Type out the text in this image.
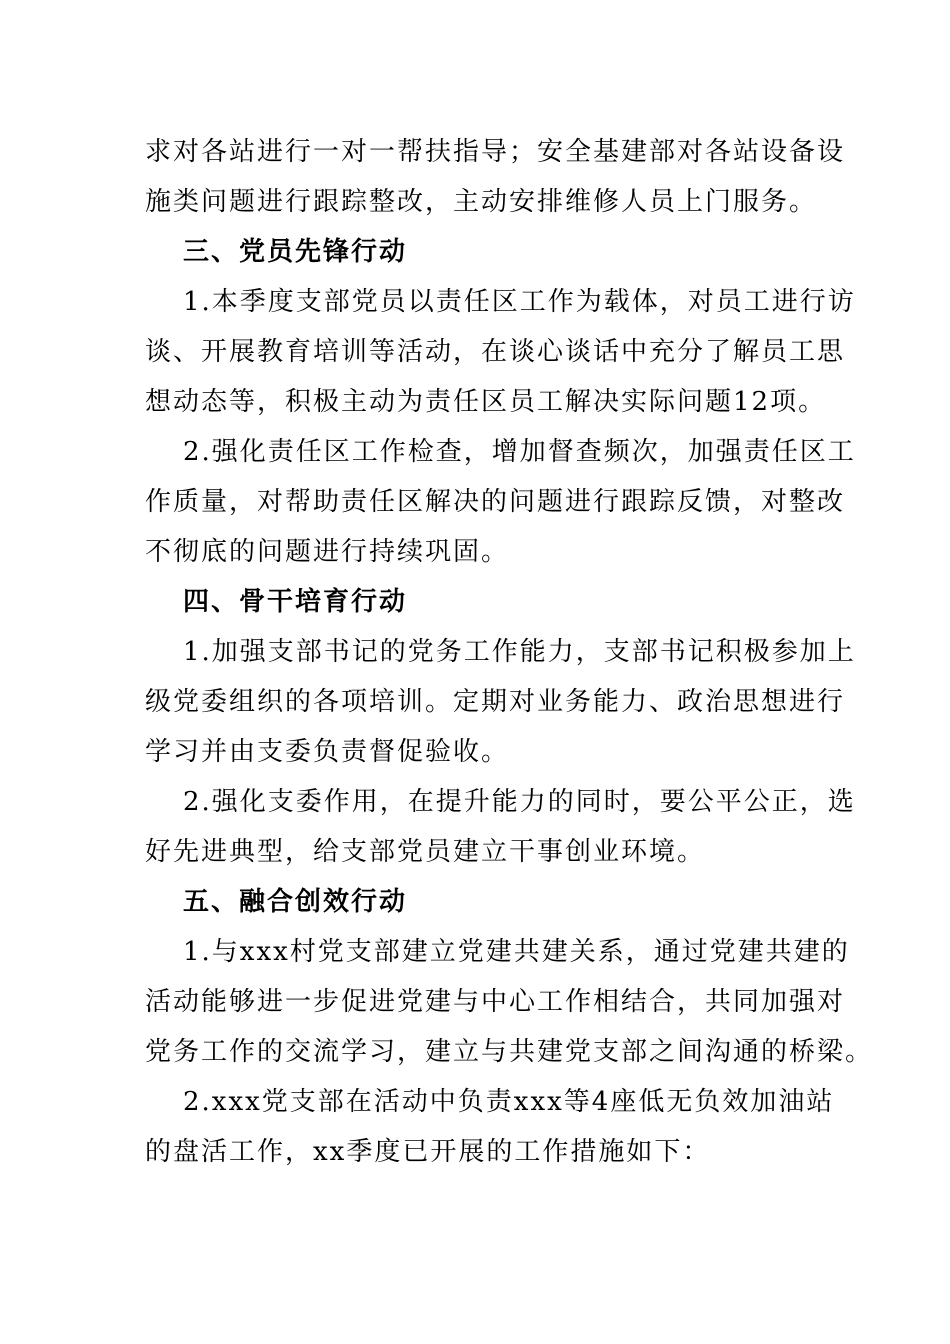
求对各站进行一对一帮扶指导；安全基建部对各站设备设
施类问题进行跟踪整改，主动安排维修人员上门服务。
三、党员先锋行动
1.本季度支部党员以责任区工作为载体，对员工进行访
谈、开展教育培训等活动，在谈心谈话中充分了解员工思
想动态等，积极主动为责任区员工解决实际问题12项。
2.强化责任区工作检查，增加督查频次，加强责任区工
作质量，对帮助责任区解决的问题进行跟踪反馈，对整改
不彻底的问题进行持续巩固。
四、骨干培育行动
1.加强支部书记的党务工作能力，支部书记积极参加上
级党委组织的各项培训。定期对业务能力、政治思想进行
学习并由支委负责督促验收。
2.强化支委作用，在提升能力的同时，要公平公正，选
好先进典型，给支部党员建立干事创业环境。
五、融合创效行动
1.与xxx村党支部建立党建共建关系，通过党建共建的
活动能够进一步促进党建与中心工作相结合，共同加强对
党务工作的交流学习，建立与共建党支部之间沟通的桥梁。
2.xxx党支部在活动中负责xxx等4座低无负效加油站
的盘活工作，xx季度已开展的工作措施如下：
